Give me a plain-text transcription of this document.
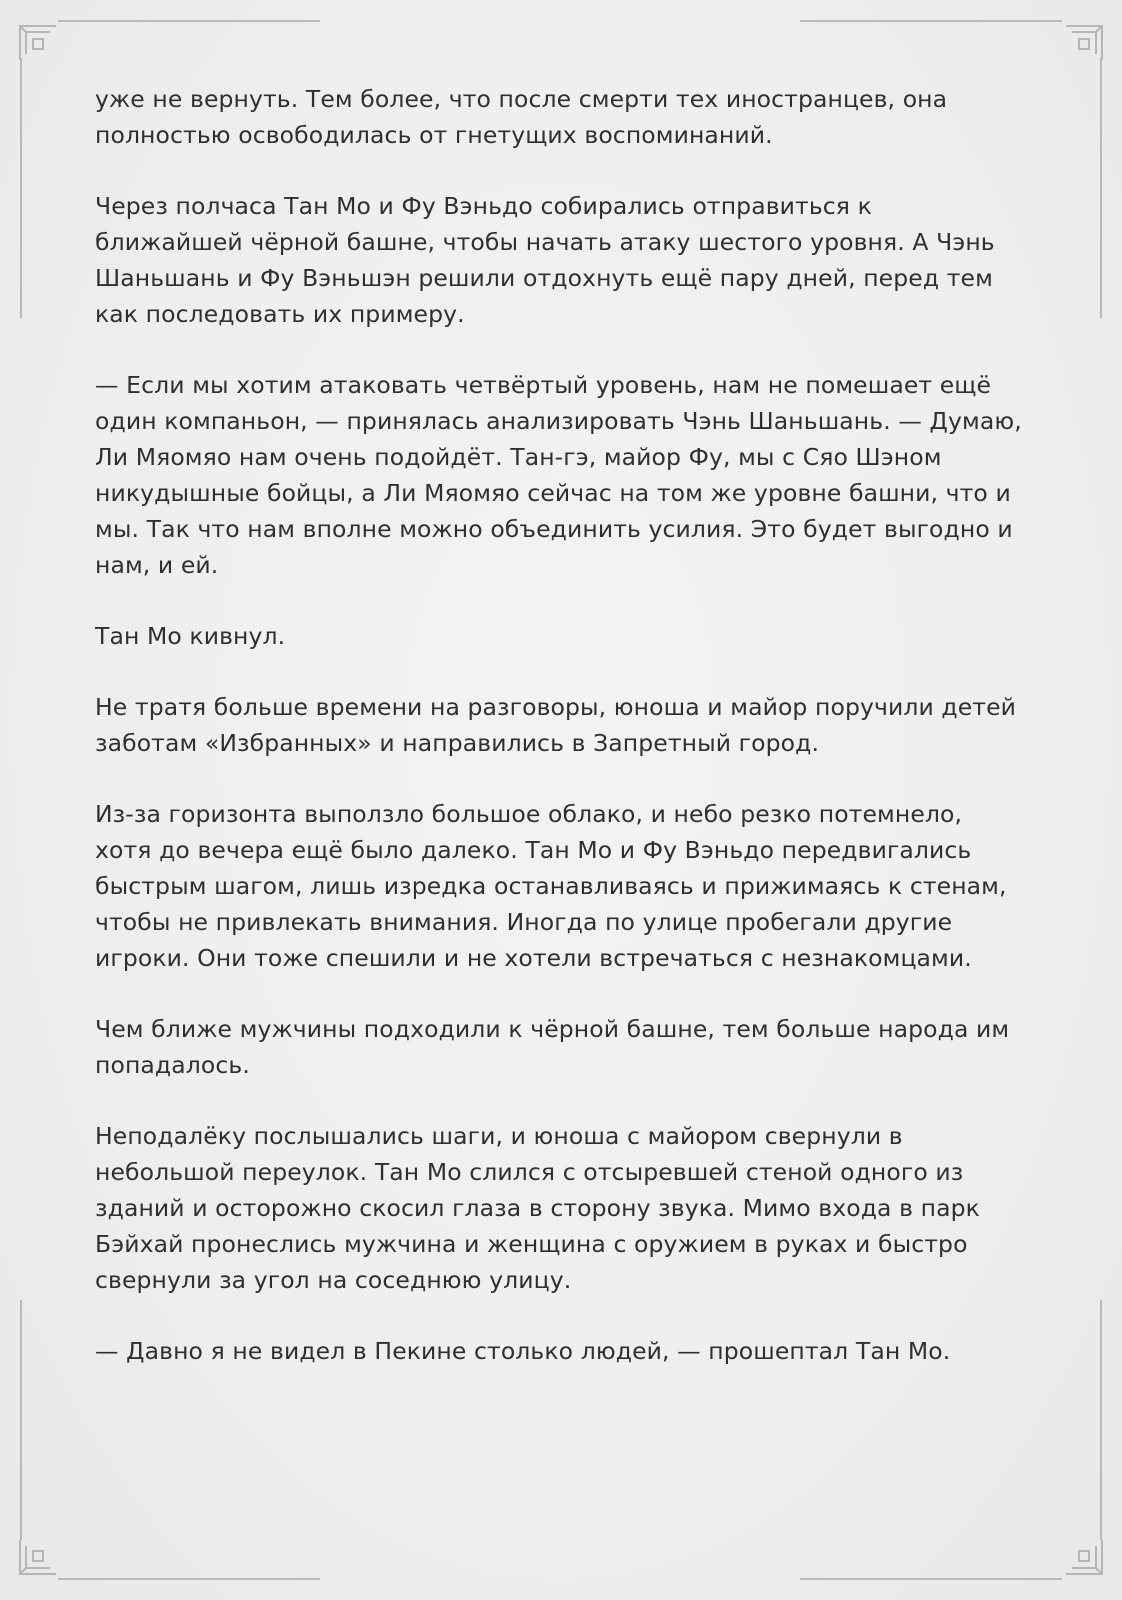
уже не вернуть. Тем более, что после смерти тех иностранцев, она полностью освободилась от гнетущих воспоминаний.

Через полчаса Тан Мо и Фу Вэньдо собирались отправиться к ближайшей чёрной башне, чтобы начать атаку шестого уровня. А Чэнь Шаньшань и Фу Вэньшэн решили отдохнуть ещё пару дней, перед тем как последовать их примеру.

— Если мы хотим атаковать четвёртый уровень, нам не помешает ещё один компаньон, — принялась анализировать Чэнь Шаньшань. — Думаю, Ли Мяомяо нам очень подойдёт. Тан-гэ, майор Фу, мы с Сяо Шэном никудышные бойцы, а Ли Мяомяо сейчас на том же уровне башни, что и мы. Так что нам вполне можно объединить усилия. Это будет выгодно и нам, и ей.

Тан Мо кивнул.

Не тратя больше времени на разговоры, юноша и майор поручили детей заботам «Избранных» и направились в Запретный город.

Из-за горизонта выползло большое облако, и небо резко потемнело, хотя до вечера ещё было далеко. Тан Мо и Фу Вэньдо передвигались быстрым шагом, лишь изредка останавливаясь и прижимаясь к стенам, чтобы не привлекать внимания. Иногда по улице пробегали другие игроки. Они тоже спешили и не хотели встречаться с незнакомцами.

Чем ближе мужчины подходили к чёрной башне, тем больше народа им попадалось.

Неподалёку послышались шаги, и юноша с майором свернули в небольшой переулок. Тан Мо слился с отсыревшей стеной одного из зданий и осторожно скосил глаза в сторону звука. Мимо входа в парк Бэйхай пронеслись мужчина и женщина с оружием в руках и быстро свернули за угол на соседнюю улицу.

— Давно я не видел в Пекине столько людей, — прошептал Тан Мо.
